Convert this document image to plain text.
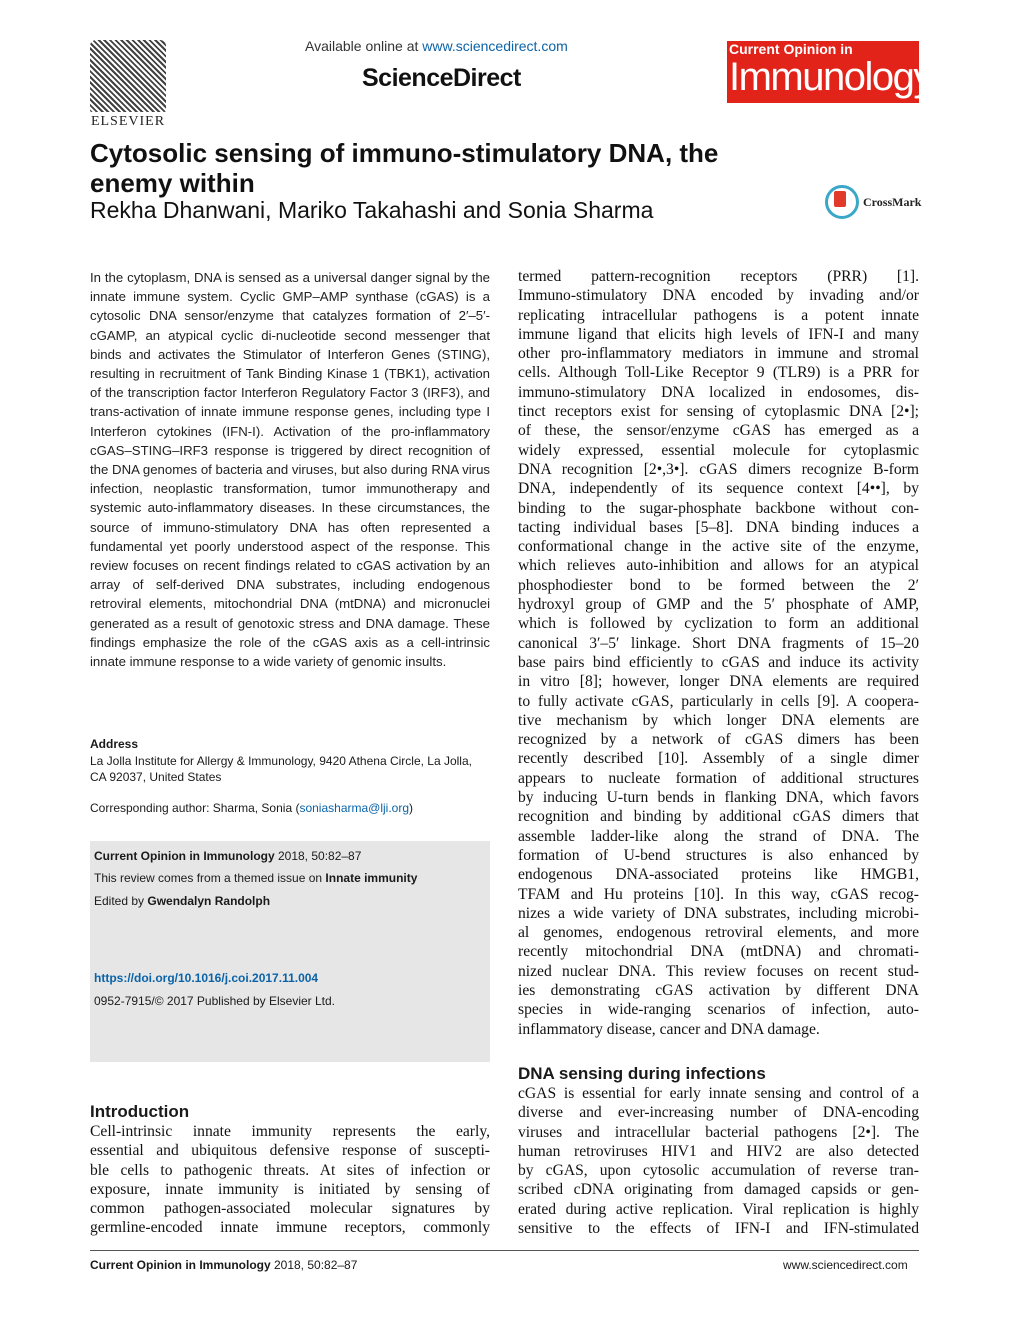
ELSEVIER
Available online at www.sciencedirect.com
ScienceDirect
Current Opinion in
Immunology
Cytosolic sensing of immuno-stimulatory DNA, the enemy within
Rekha Dhanwani, Mariko Takahashi and Sonia Sharma	CrossMark
In the cytoplasm, DNA is sensed as a universal danger signal by the innate immune system. Cyclic GMP–AMP synthase (cGAS) is a cytosolic DNA sensor/enzyme that catalyzes formation of 2′–5′-cGAMP, an atypical cyclic di-nucleotide second messenger that binds and activates the Stimulator of Interferon Genes (STING), resulting in recruitment of Tank Binding Kinase 1 (TBK1), activation of the transcription factor Interferon Regulatory Factor 3 (IRF3), and trans-activation of innate immune response genes, including type I Interferon cytokines (IFN-I). Activation of the pro-inflammatory cGAS–STING–IRF3 response is triggered by direct recognition of the DNA genomes of bacteria and viruses, but also during RNA virus infection, neoplastic transformation, tumor immunotherapy and systemic auto-inflammatory diseases. In these circumstances, the source of immuno-stimulatory DNA has often represented a fundamental yet poorly understood aspect of the response. This review focuses on recent findings related to cGAS activation by an array of self-derived DNA substrates, including endogenous retroviral elements, mitochondrial DNA (mtDNA) and micronuclei generated as a result of genotoxic stress and DNA damage. These findings emphasize the role of the cGAS axis as a cell-intrinsic innate immune response to a wide variety of genomic insults.
Address
La Jolla Institute for Allergy & Immunology, 9420 Athena Circle, La Jolla, CA 92037, United States
Corresponding author: Sharma, Sonia (soniasharma@lji.org)
Current Opinion in Immunology 2018, 50:82–87
This review comes from a themed issue on Innate immunity
Edited by Gwendalyn Randolph
https://doi.org/10.1016/j.coi.2017.11.004
0952-7915/© 2017 Published by Elsevier Ltd.
Introduction
Cell-intrinsic innate immunity represents the early,
essential and ubiquitous defensive response of suscepti-
ble cells to pathogenic threats. At sites of infection or
exposure, innate immunity is initiated by sensing of
common pathogen-associated molecular signatures by
germline-encoded innate immune receptors, commonly
termed pattern-recognition receptors (PRR) [1].
Immuno-stimulatory DNA encoded by invading and/or
replicating intracellular pathogens is a potent innate
immune ligand that elicits high levels of IFN-I and many
other pro-inflammatory mediators in immune and stromal
cells. Although Toll-Like Receptor 9 (TLR9) is a PRR for
immuno-stimulatory DNA localized in endosomes, dis-
tinct receptors exist for sensing of cytoplasmic DNA [2•];
of these, the sensor/enzyme cGAS has emerged as a
widely expressed, essential molecule for cytoplasmic
DNA recognition [2•,3•]. cGAS dimers recognize B-form
DNA, independently of its sequence context [4••], by
binding to the sugar-phosphate backbone without con-
tacting individual bases [5–8]. DNA binding induces a
conformational change in the active site of the enzyme,
which relieves auto-inhibition and allows for an atypical
phosphodiester bond to be formed between the 2′
hydroxyl group of GMP and the 5′ phosphate of AMP,
which is followed by cyclization to form an additional
canonical 3′–5′ linkage. Short DNA fragments of 15–20
base pairs bind efficiently to cGAS and induce its activity
in vitro [8]; however, longer DNA elements are required
to fully activate cGAS, particularly in cells [9]. A coopera-
tive mechanism by which longer DNA elements are
recognized by a network of cGAS dimers has been
recently described [10]. Assembly of a single dimer
appears to nucleate formation of additional structures
by inducing U-turn bends in flanking DNA, which favors
recognition and binding by additional cGAS dimers that
assemble ladder-like along the strand of DNA. The
formation of U-bend structures is also enhanced by
endogenous DNA-associated proteins like HMGB1,
TFAM and Hu proteins [10]. In this way, cGAS recog-
nizes a wide variety of DNA substrates, including microbi-
al genomes, endogenous retroviral elements, and more
recently mitochondrial DNA (mtDNA) and chromati-
nized nuclear DNA. This review focuses on recent stud-
ies demonstrating cGAS activation by different DNA
species in wide-ranging scenarios of infection, auto-
inflammatory disease, cancer and DNA damage.
DNA sensing during infections
cGAS is essential for early innate sensing and control of a
diverse and ever-increasing number of DNA-encoding
viruses and intracellular bacterial pathogens [2•]. The
human retroviruses HIV1 and HIV2 are also detected
by cGAS, upon cytosolic accumulation of reverse tran-
scribed cDNA originating from damaged capsids or gen-
erated during active replication. Viral replication is highly
sensitive to the effects of IFN-I and IFN-stimulated
Current Opinion in Immunology 2018, 50:82–87	www.sciencedirect.com
